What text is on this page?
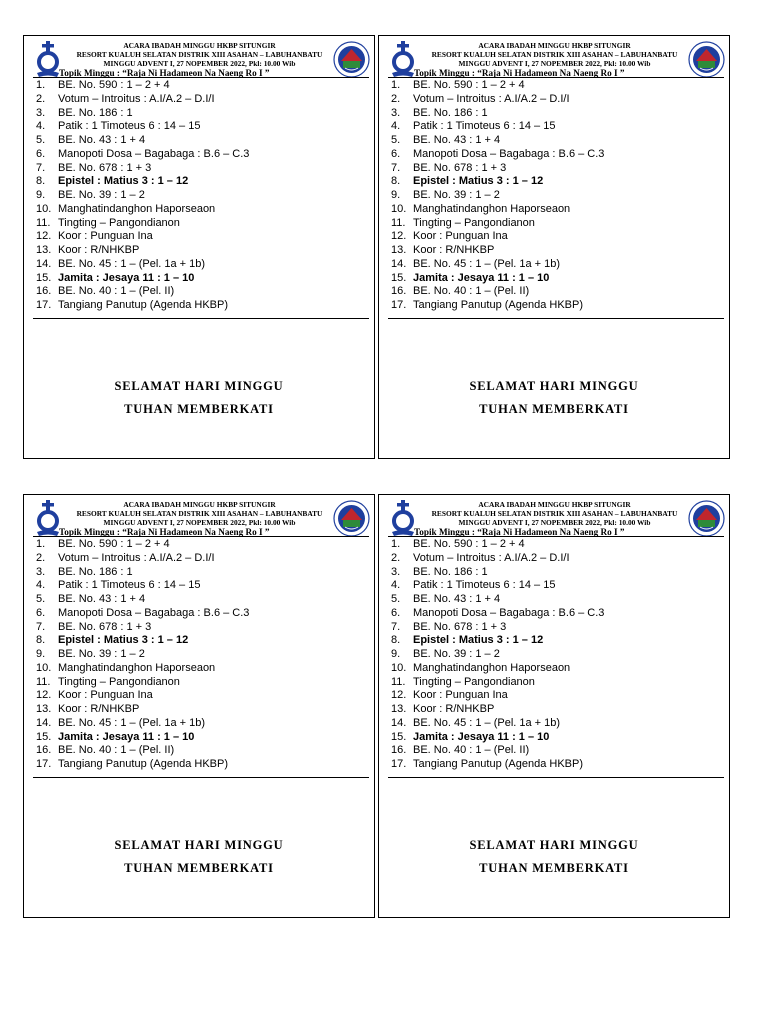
ACARA IBADAH MINGGU HKBP SITUNGIR
RESORT KUALUH SELATAN DISTRIK XIII ASAHAN – LABUHANBATU
MINGGU ADVENT I, 27 NOPEMBER 2022, Pkl: 10.00 Wib
Topik Minggu : “Raja Ni Hadameon Na Naeng Ro I ”
1. BE. No. 590 : 1 – 2 + 4
2. Votum – Introitus : A.I/A.2 – D.I/I
3. BE. No. 186 : 1
4. Patik : 1 Timoteus 6 : 14 – 15
5. BE. No. 43 : 1 + 4
6. Manopoti Dosa – Bagabaga : B.6 – C.3
7. BE. No. 678 : 1 + 3
8. Epistel : Matius 3 : 1 – 12
9. BE. No. 39 : 1 – 2
10. Manghatindanghon Haporseaon
11. Tingting – Pangondianon
12. Koor : Punguan Ina
13. Koor : R/NHKBP
14. BE. No. 45 : 1 – (Pel. 1a + 1b)
15. Jamita : Jesaya 11 : 1 – 10
16. BE. No. 40 : 1 – (Pel. II)
17. Tangiang Panutup (Agenda HKBP)
SELAMAT HARI MINGGU
TUHAN MEMBERKATI
ACARA IBADAH MINGGU HKBP SITUNGIR
RESORT KUALUH SELATAN DISTRIK XIII ASAHAN – LABUHANBATU
MINGGU ADVENT I, 27 NOPEMBER 2022, Pkl: 10.00 Wib
Topik Minggu : “Raja Ni Hadameon Na Naeng Ro I ”
1. BE. No. 590 : 1 – 2 + 4
2. Votum – Introitus : A.I/A.2 – D.I/I
3. BE. No. 186 : 1
4. Patik : 1 Timoteus 6 : 14 – 15
5. BE. No. 43 : 1 + 4
6. Manopoti Dosa – Bagabaga : B.6 – C.3
7. BE. No. 678 : 1 + 3
8. Epistel : Matius 3 : 1 – 12
9. BE. No. 39 : 1 – 2
10. Manghatindanghon Haporseaon
11. Tingting – Pangondianon
12. Koor : Punguan Ina
13. Koor : R/NHKBP
14. BE. No. 45 : 1 – (Pel. 1a + 1b)
15. Jamita : Jesaya 11 : 1 – 10
16. BE. No. 40 : 1 – (Pel. II)
17. Tangiang Panutup (Agenda HKBP)
SELAMAT HARI MINGGU
TUHAN MEMBERKATI
ACARA IBADAH MINGGU HKBP SITUNGIR
RESORT KUALUH SELATAN DISTRIK XIII ASAHAN – LABUHANBATU
MINGGU ADVENT I, 27 NOPEMBER 2022, Pkl: 10.00 Wib
Topik Minggu : “Raja Ni Hadameon Na Naeng Ro I ”
1. BE. No. 590 : 1 – 2 + 4
2. Votum – Introitus : A.I/A.2 – D.I/I
3. BE. No. 186 : 1
4. Patik : 1 Timoteus 6 : 14 – 15
5. BE. No. 43 : 1 + 4
6. Manopoti Dosa – Bagabaga : B.6 – C.3
7. BE. No. 678 : 1 + 3
8. Epistel : Matius 3 : 1 – 12
9. BE. No. 39 : 1 – 2
10. Manghatindanghon Haporseaon
11. Tingting – Pangondianon
12. Koor : Punguan Ina
13. Koor : R/NHKBP
14. BE. No. 45 : 1 – (Pel. 1a + 1b)
15. Jamita : Jesaya 11 : 1 – 10
16. BE. No. 40 : 1 – (Pel. II)
17. Tangiang Panutup (Agenda HKBP)
SELAMAT HARI MINGGU
TUHAN MEMBERKATI
ACARA IBADAH MINGGU HKBP SITUNGIR
RESORT KUALUH SELATAN DISTRIK XIII ASAHAN – LABUHANBATU
MINGGU ADVENT I, 27 NOPEMBER 2022, Pkl: 10.00 Wib
Topik Minggu : “Raja Ni Hadameon Na Naeng Ro I ”
1. BE. No. 590 : 1 – 2 + 4
2. Votum – Introitus : A.I/A.2 – D.I/I
3. BE. No. 186 : 1
4. Patik : 1 Timoteus 6 : 14 – 15
5. BE. No. 43 : 1 + 4
6. Manopoti Dosa – Bagabaga : B.6 – C.3
7. BE. No. 678 : 1 + 3
8. Epistel : Matius 3 : 1 – 12
9. BE. No. 39 : 1 – 2
10. Manghatindanghon Haporseaon
11. Tingting – Pangondianon
12. Koor : Punguan Ina
13. Koor : R/NHKBP
14. BE. No. 45 : 1 – (Pel. 1a + 1b)
15. Jamita : Jesaya 11 : 1 – 10
16. BE. No. 40 : 1 – (Pel. II)
17. Tangiang Panutup (Agenda HKBP)
SELAMAT HARI MINGGU
TUHAN MEMBERKATI
